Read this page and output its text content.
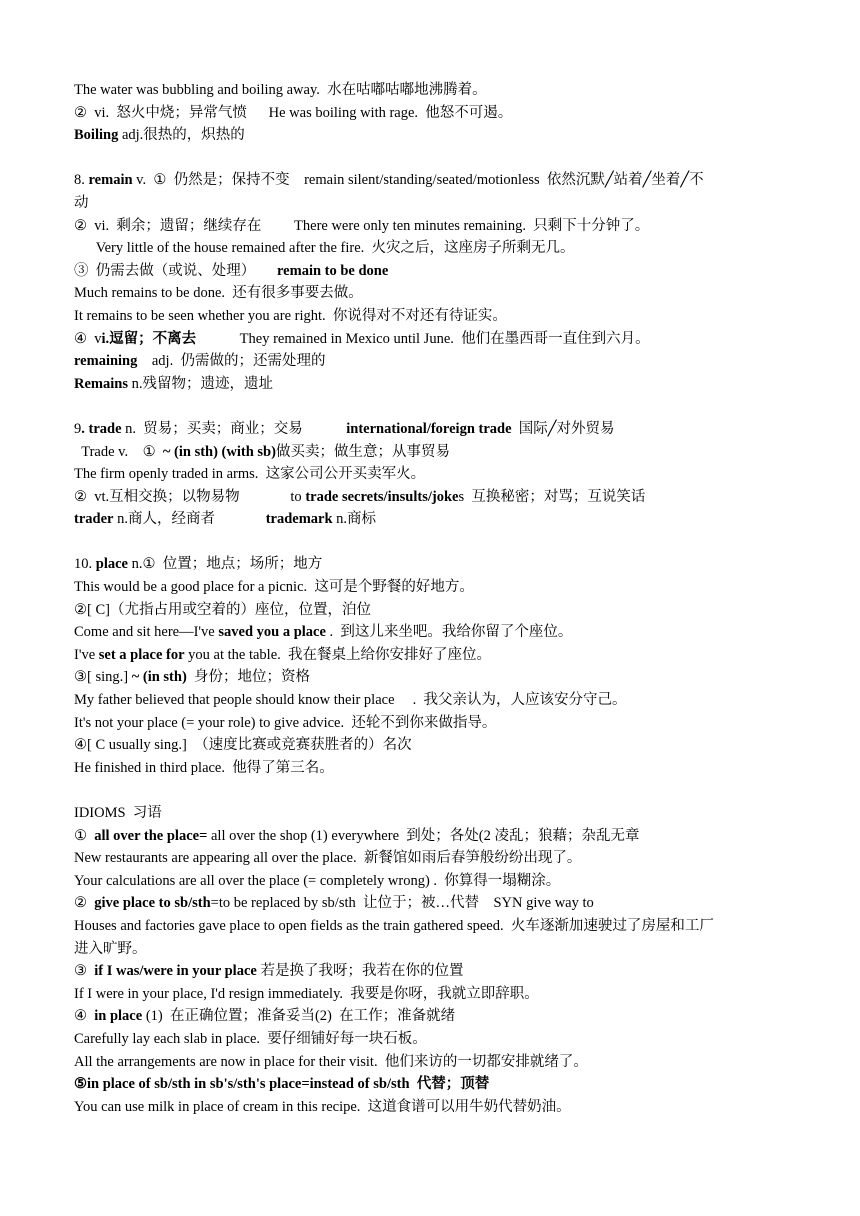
The water was bubbling and boiling away.  水在咕嘟咕嘟地沸腾着。

②  vi.  怒火中烧；异常气愤      He was boiling with rage.  他怒不可遏。

Boiling adj.很热的，炽热的

8. remain v.  ①  仍然是；保持不变    remain silent/standing/seated/motionless  依然沉默╱站着╱坐着╱不

动

②  vi.  剩余；遗留；继续存在         There were only ten minutes remaining.  只剩下十分钟了。

Very little of the house remained after the fire.  火灾之后，这座房子所剩无几。

③  仍需去做（或说、处理）      remain to be done

Much remains to be done.  还有很多事要去做。

It remains to be seen whether you are right.  你说得对不对还有待证实。

④  vi.逗留；不离去            They remained in Mexico until June.  他们在墨西哥一直住到六月。

remaining    adj.  仍需做的；还需处理的

Remains n.残留物；遗迹，遗址

9. trade n.  贸易；买卖；商业；交易            international/foreign trade  国际╱对外贸易

Trade v.    ①  ~ (in sth) (with sb)做买卖；做生意；从事贸易

The firm openly traded in arms.  这家公司公开买卖军火。

②  vt.互相交换；以物易物              to trade secrets/insults/jokes  互换秘密；对骂；互说笑话

trader n.商人，经商者              trademark n.商标

10. place n.①  位置；地点；场所；地方

This would be a good place for a picnic.  这可是个野餐的好地方。

②[ C]（尤指占用或空着的）座位，位置，泊位

Come and sit here—I've saved you a place .  到这儿来坐吧。我给你留了个座位。

I've set a place for you at the table.  我在餐桌上给你安排好了座位。

③[ sing.] ~ (in sth)  身份；地位；资格

My father believed that people should know their place     .  我父亲认为，人应该安分守己。

It's not your place (= your role) to give advice.  还轮不到你来做指导。

④[ C usually sing.]  （速度比赛或竞赛获胜者的）名次

He finished in third place.  他得了第三名。

IDIOMS  习语

①  all over the place= all over the shop (1) everywhere  到处；各处(2 凌乱；狼藉；杂乱无章

New restaurants are appearing all over the place.  新餐馆如雨后春笋般纷纷出现了。

Your calculations are all over the place (= completely wrong) .  你算得一塌糊涂。

②  give place to sb/sth=to be replaced by sb/sth  让位于；被…代替    SYN give way to

Houses and factories gave place to open fields as the train gathered speed.  火车逐渐加速驶过了房屋和工厂

进入旷野。

③  if I was/were in your place 若是换了我呀；我若在你的位置

If I were in your place, I'd resign immediately.  我要是你呀，我就立即辞职。

④  in place (1)  在正确位置；准备妥当(2)  在工作；准备就绪

Carefully lay each slab in place.  要仔细铺好每一块石板。

All the arrangements are now in place for their visit.  他们来访的一切都安排就绪了。

⑤in place of sb/sth in sb's/sth's place=instead of sb/sth  代替；顶替

You can use milk in place of cream in this recipe.  这道食谱可以用牛奶代替奶油。
